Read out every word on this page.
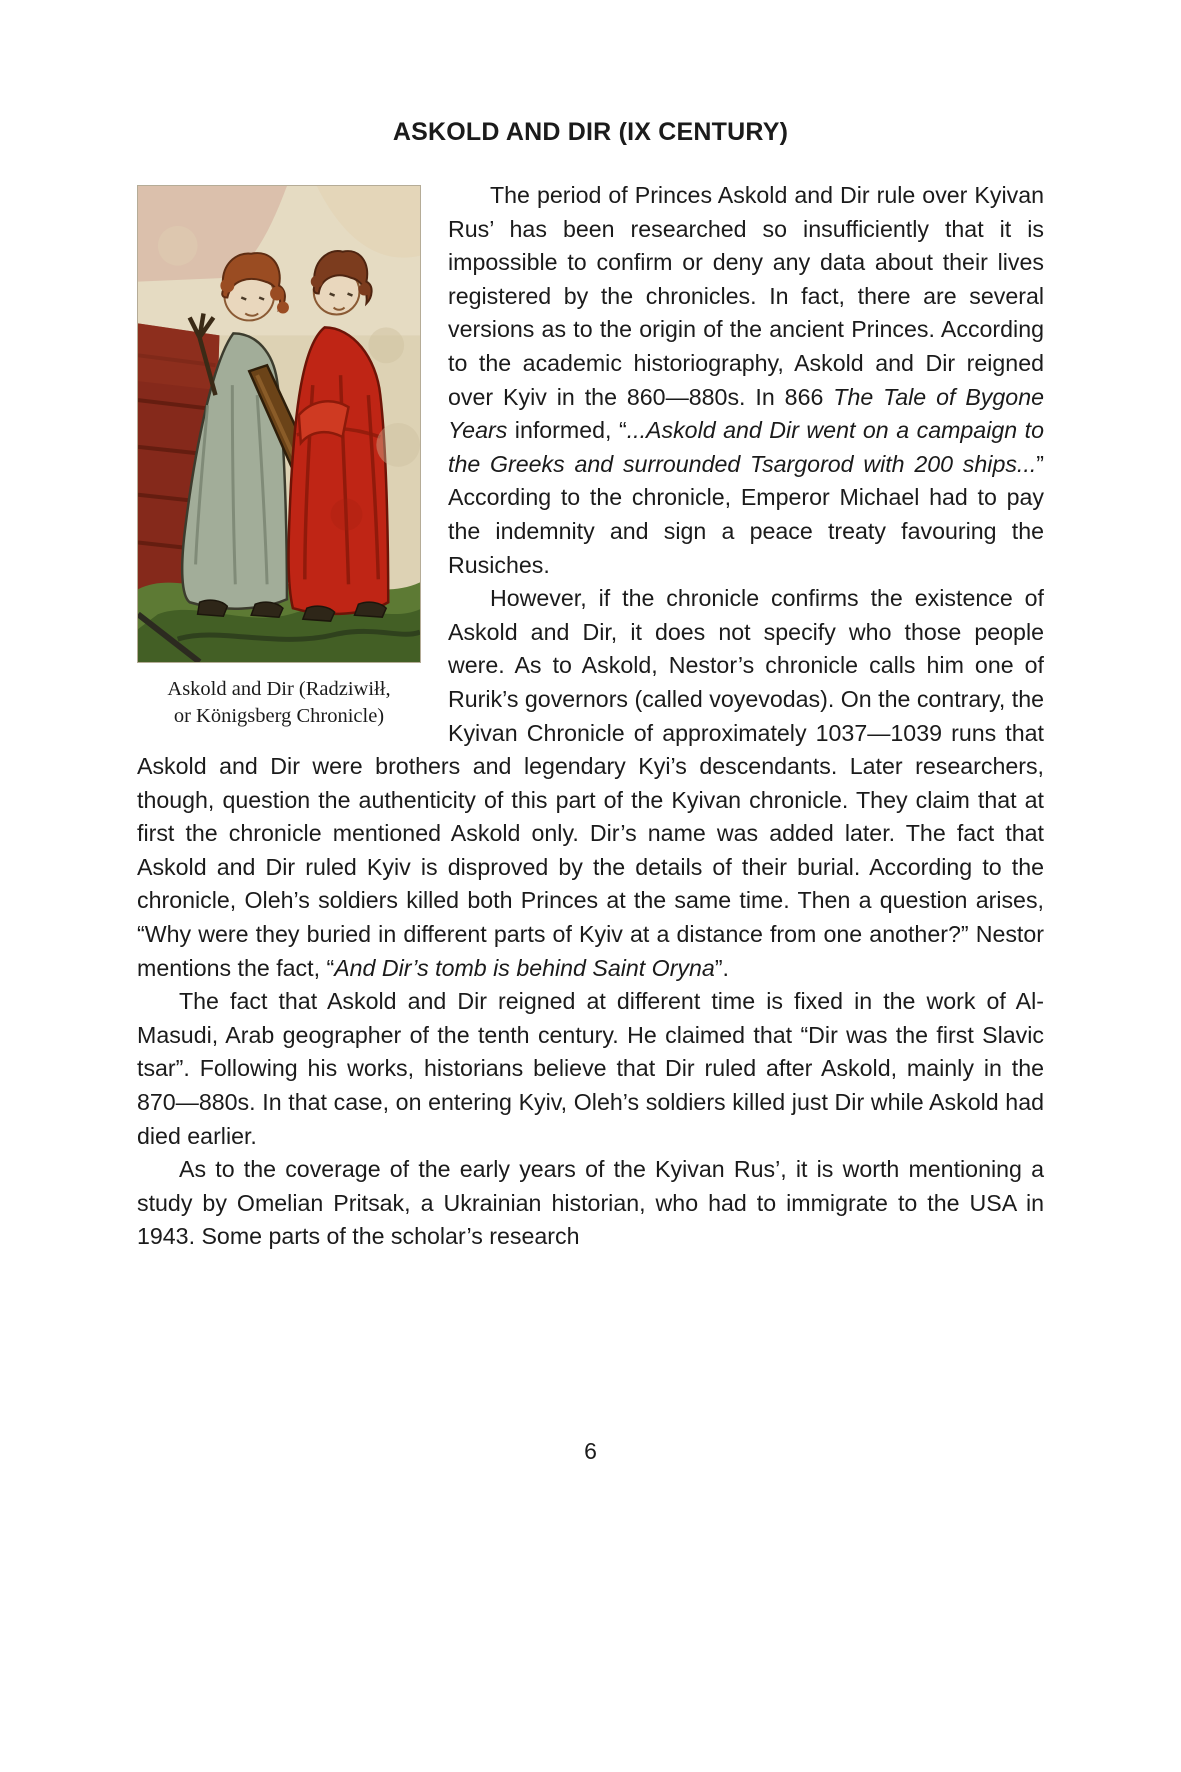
ASKOLD AND DIR (IX CENTURY)
Askold and Dir (Radziwiłł,
or Königsberg Chronicle)

The period of Princes Askold and Dir rule over Kyivan Rus’ has been researched so insufficiently that it is impossible to confirm or deny any data about their lives registered by the chronicles. In fact, there are several versions as to the origin of the ancient Princes. According to the academic historiography, Askold and Dir reigned over Kyiv in the 860—880s. In 866 The Tale of Bygone Years informed, “...Askold and Dir went on a campaign to the Greeks and surrounded Tsargorod with 200 ships...” According to the chronicle, Emperor Michael had to pay the indemnity and sign a peace treaty favouring the Rusiches.

However, if the chronicle confirms the existence of Askold and Dir, it does not specify who those people were. As to Askold, Nestor’s chronicle calls him one of Rurik’s governors (called voyevodas). On the contrary, the Kyivan Chronicle of approximately 1037—1039 runs that Askold and Dir were brothers and legendary Kyi’s descendants. Later researchers, though, question the authenticity of this part of the Kyivan chronicle. They claim that at first the chronicle mentioned Askold only. Dir’s name was added later. The fact that Askold and Dir ruled Kyiv is disproved by the details of their burial. According to the chronicle, Oleh’s soldiers killed both Princes at the same time. Then a question arises, “Why were they buried in different parts of Kyiv at a distance from one another?” Nestor mentions the fact, “And Dir’s tomb is behind Saint Oryna”.

The fact that Askold and Dir reigned at different time is fixed in the work of Al-Masudi, Arab geographer of the tenth century. He claimed that “Dir was the first Slavic tsar”. Following his works, historians believe that Dir ruled after Askold, mainly in the 870—880s. In that case, on entering Kyiv, Oleh’s soldiers killed just Dir while Askold had died earlier.

As to the coverage of the early years of the Kyivan Rus’, it is worth mentioning a study by Omelian Pritsak, a Ukrainian historian, who had to immigrate to the USA in 1943. Some parts of the scholar’s research

6
